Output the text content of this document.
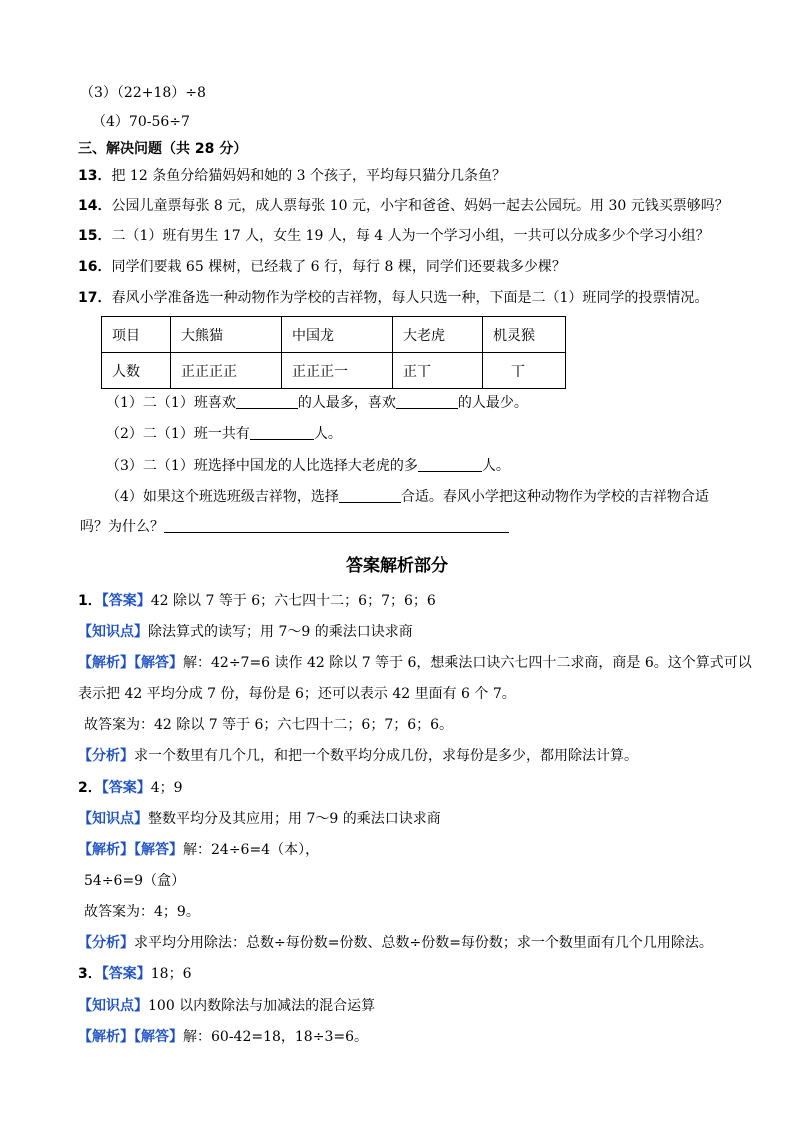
（3）（22+18）÷8
（4）70-56÷7
三、解决问题（共 28 分）
13．把 12 条鱼分给猫妈妈和她的 3 个孩子，平均每只猫分几条鱼？
14．公园儿童票每张 8 元，成人票每张 10 元，小宇和爸爸、妈妈一起去公园玩。用 30 元钱买票够吗？
15．二（1）班有男生 17 人，女生 19 人，每 4 人为一个学习小组，一共可以分成多少个学习小组？
16．同学们要栽 65 棵树，已经栽了 6 行，每行 8 棵，同学们还要栽多少棵？
17．春风小学准备选一种动物作为学校的吉祥物，每人只选一种，下面是二（1）班同学的投票情况。
项目	大熊猫	中国龙	大老虎	机灵猴
人数	正正正正	正正正一	正丅	丅
（1）二（1）班喜欢	的人最多，喜欢	的人最少。
（2）二（1）班一共有	人。
（3）二（1）班选择中国龙的人比选择大老虎的多	人。
（4）如果这个班选班级吉祥物，选择	合适。春风小学把这种动物作为学校的吉祥物合适
吗？为什么？
答案解析部分
1．【答案】42 除以 7 等于 6；六七四十二；6；7；6；6
【知识点】除法算式的读写；用 7～9 的乘法口诀求商
【解析】【解答】解：42÷7=6 读作 42 除以 7 等于 6，想乘法口诀六七四十二求商，商是 6。这个算式可以
表示把 42 平均分成 7 份，每份是 6；还可以表示 42 里面有 6 个 7。
故答案为：42 除以 7 等于 6；六七四十二；6；7；6；6。
【分析】求一个数里有几个几，和把一个数平均分成几份，求每份是多少，都用除法计算。
2．【答案】4；9
【知识点】整数平均分及其应用；用 7～9 的乘法口诀求商
【解析】【解答】解：24÷6=4（本），
54÷6=9（盒）
故答案为：4；9。
【分析】求平均分用除法：总数÷每份数=份数、总数÷份数=每份数；求一个数里面有几个几用除法。
3．【答案】18；6
【知识点】100 以内数除法与加减法的混合运算
【解析】【解答】解：60-42=18，18÷3=6。
